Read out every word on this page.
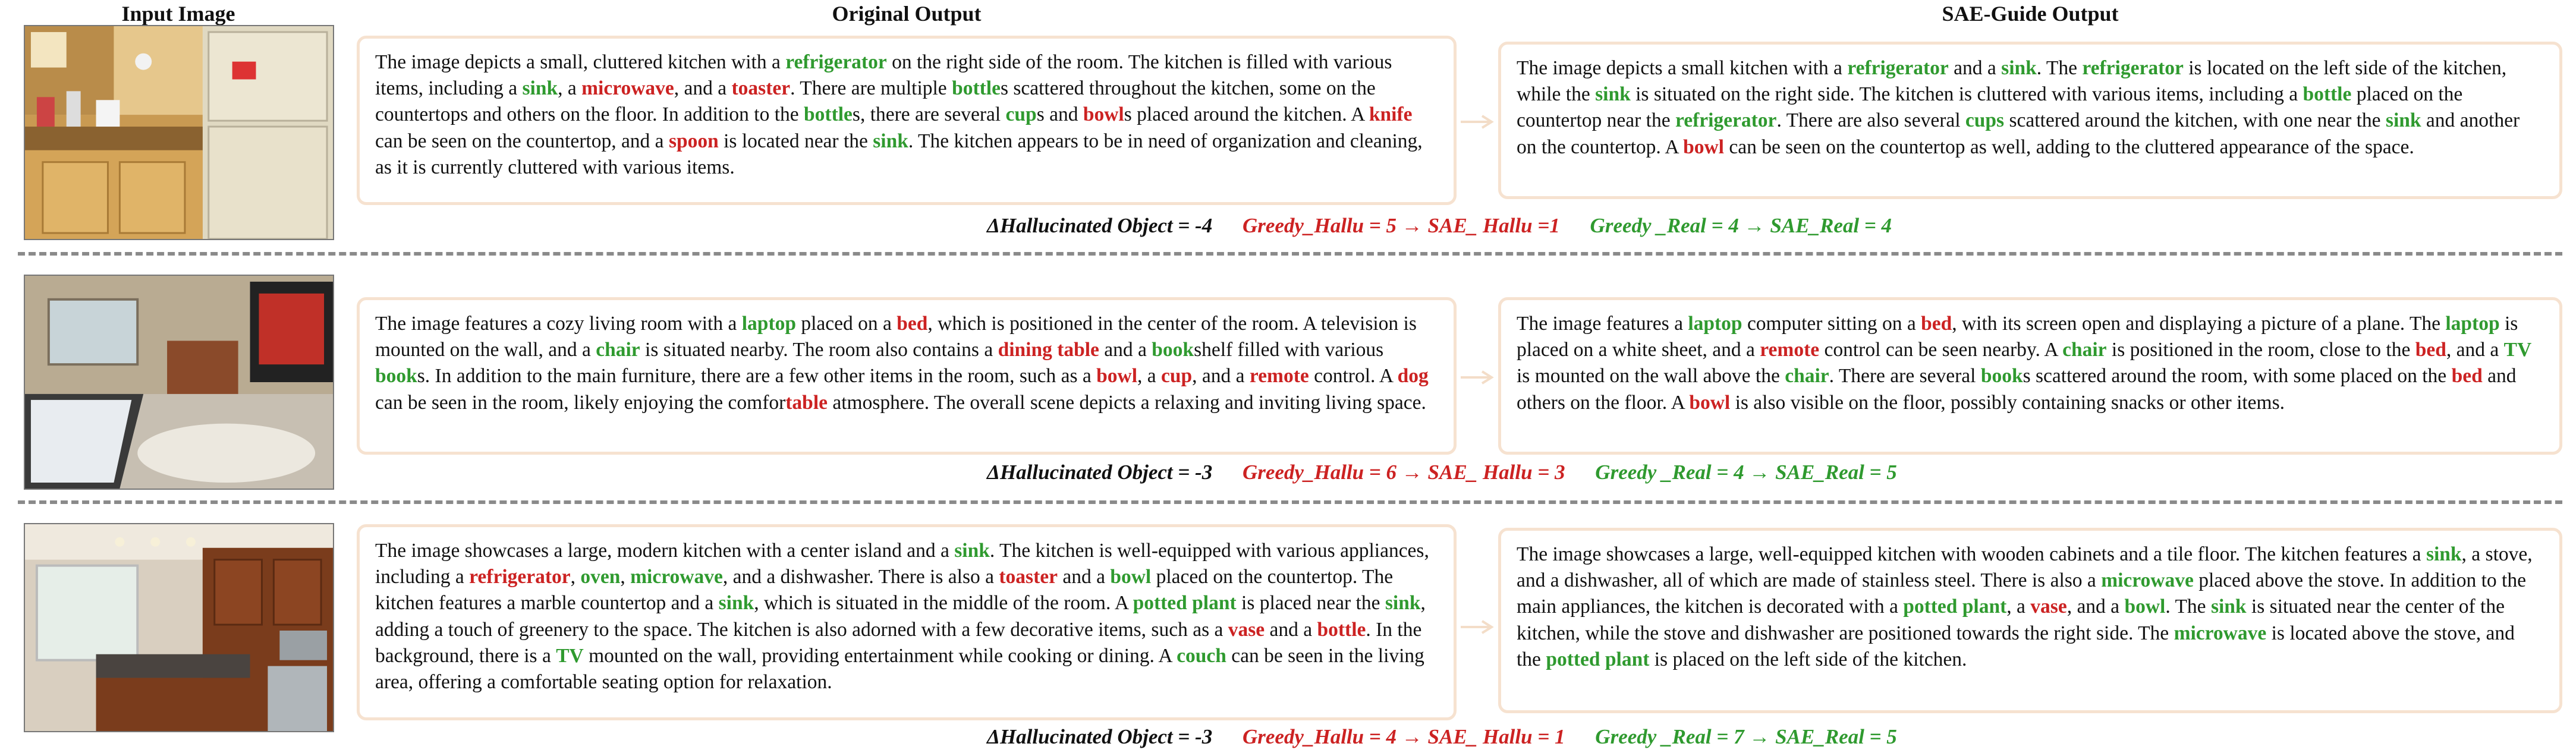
Input Image	Original Output	SAE-Guide Output

The image depicts a small, cluttered kitchen with a refrigerator on the right side of the room. The kitchen is filled with various items, including a sink, a microwave, and a toaster. There are multiple bottles scattered throughout the kitchen, some on the countertops and others on the floor. In addition to the bottles, there are several cups and bowls placed around the kitchen. A knife can be seen on the countertop, and a spoon is located near the sink. The kitchen appears to be in need of organization and cleaning, as it is currently cluttered with various items.

The image depicts a small kitchen with a refrigerator and a sink. The refrigerator is located on the left side of the kitchen, while the sink is situated on the right side. The kitchen is cluttered with various items, including a bottle placed on the countertop near the refrigerator. There are also several cups scattered around the kitchen, with one near the sink and another on the countertop. A bowl can be seen on the countertop as well, adding to the cluttered appearance of the space.

ΔHallucinated Object = -4 Greedy_Hallu = 5 → SAE_ Hallu =1 Greedy _Real = 4 → SAE_Real = 4

The image features a cozy living room with a laptop placed on a bed, which is positioned in the center of the room. A television is mounted on the wall, and a chair is situated nearby. The room also contains a dining table and a bookshelf filled with various books. In addition to the main furniture, there are a few other items in the room, such as a bowl, a cup, and a remote control. A dog can be seen in the room, likely enjoying the comfortable atmosphere. The overall scene depicts a relaxing and inviting living space.

The image features a laptop computer sitting on a bed, with its screen open and displaying a picture of a plane. The laptop is placed on a white sheet, and a remote control can be seen nearby. A chair is positioned in the room, close to the bed, and a TV is mounted on the wall above the chair. There are several books scattered around the room, with some placed on the bed and others on the floor. A bowl is also visible on the floor, possibly containing snacks or other items.

ΔHallucinated Object = -3 Greedy_Hallu = 6 → SAE_ Hallu = 3 Greedy _Real = 4 → SAE_Real = 5

The image showcases a large, modern kitchen with a center island and a sink. The kitchen is well-equipped with various appliances, including a refrigerator, oven, microwave, and a dishwasher. There is also a toaster and a bowl placed on the countertop. The kitchen features a marble countertop and a sink, which is situated in the middle of the room. A potted plant is placed near the sink, adding a touch of greenery to the space. The kitchen is also adorned with a few decorative items, such as a vase and a bottle. In the background, there is a TV mounted on the wall, providing entertainment while cooking or dining. A couch can be seen in the living area, offering a comfortable seating option for relaxation.

The image showcases a large, well-equipped kitchen with wooden cabinets and a tile floor. The kitchen features a sink, a stove, and a dishwasher, all of which are made of stainless steel. There is also a microwave placed above the stove. In addition to the main appliances, the kitchen is decorated with a potted plant, a vase, and a bowl. The sink is situated near the center of the kitchen, while the stove and dishwasher are positioned towards the right side. The microwave is located above the stove, and the potted plant is placed on the left side of the kitchen.

ΔHallucinated Object = -3 Greedy_Hallu = 4 → SAE_ Hallu = 1 Greedy _Real = 7 → SAE_Real = 5
